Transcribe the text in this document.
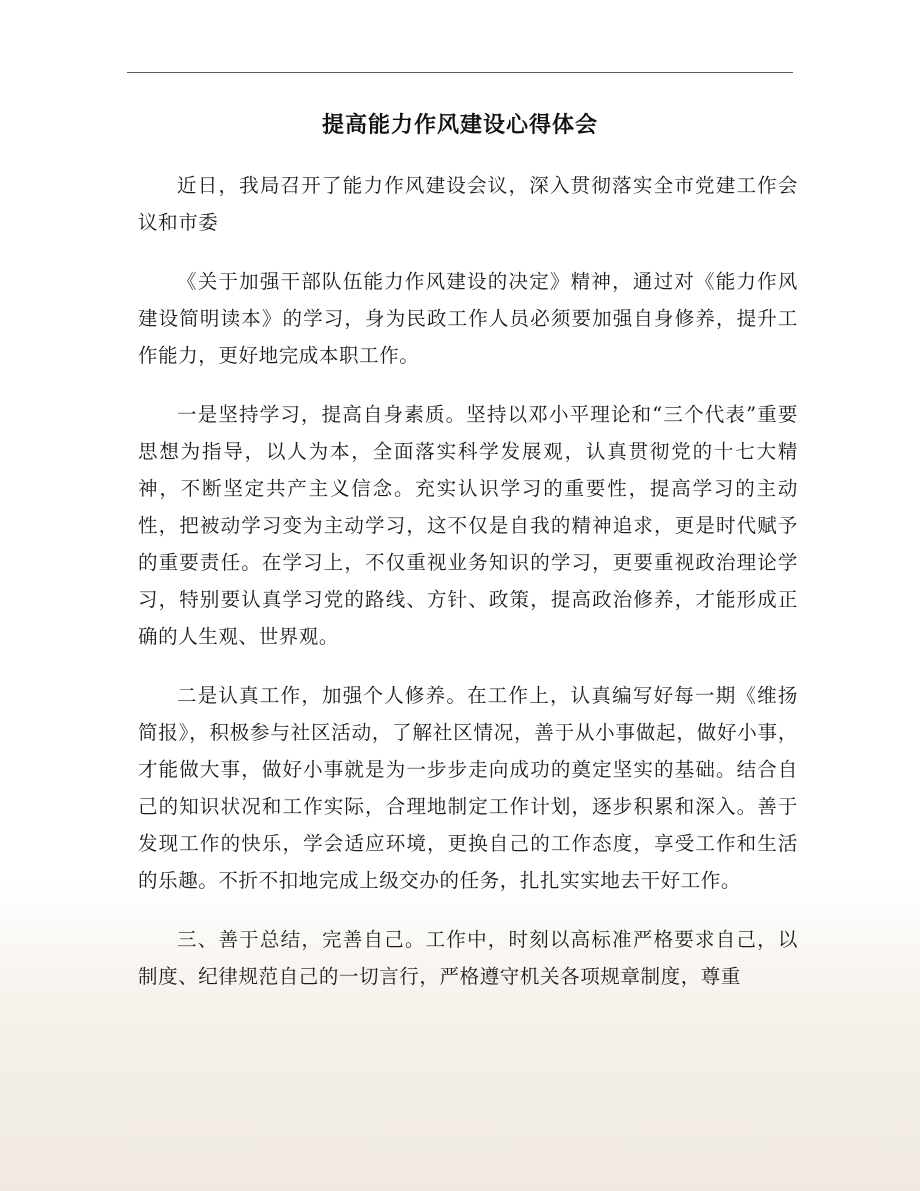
提高能力作风建设心得体会

近日，我局召开了能力作风建设会议，深入贯彻落实全市党建工作会议和市委

《关于加强干部队伍能力作风建设的决定》精神，通过对《能力作风建设简明读本》的学习，身为民政工作人员必须要加强自身修养，提升工作能力，更好地完成本职工作。

一是坚持学习，提高自身素质。坚持以邓小平理论和“三个代表”重要思想为指导，以人为本，全面落实科学发展观，认真贯彻党的十七大精神，不断坚定共产主义信念。充实认识学习的重要性，提高学习的主动性，把被动学习变为主动学习，这不仅是自我的精神追求，更是时代赋予的重要责任。在学习上，不仅重视业务知识的学习，更要重视政治理论学习，特别要认真学习党的路线、方针、政策，提高政治修养，才能形成正确的人生观、世界观。

二是认真工作，加强个人修养。在工作上，认真编写好每一期《维扬简报》，积极参与社区活动，了解社区情况，善于从小事做起，做好小事，才能做大事，做好小事就是为一步步走向成功的奠定坚实的基础。结合自己的知识状况和工作实际，合理地制定工作计划，逐步积累和深入。善于发现工作的快乐，学会适应环境，更换自己的工作态度，享受工作和生活的乐趣。不折不扣地完成上级交办的任务，扎扎实实地去干好工作。

三、善于总结，完善自己。工作中，时刻以高标准严格要求自己，以制度、纪律规范自己的一切言行，严格遵守机关各项规章制度，尊重
